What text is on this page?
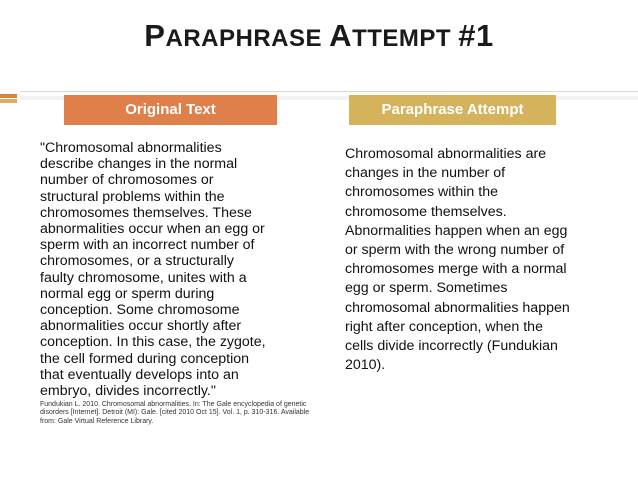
PARAPHRASE ATTEMPT #1
Original Text	Paraphrase Attempt
"Chromosomal abnormalities
describe changes in the normal
number of chromosomes or
structural problems within the
chromosomes themselves. These
abnormalities occur when an egg or
sperm with an incorrect number of
chromosomes, or a structurally
faulty chromosome, unites with a
normal egg or sperm during
conception. Some chromosome
abnormalities occur shortly after
conception. In this case, the zygote,
the cell formed during conception
that eventually develops into an
embryo, divides incorrectly."
Fundukian L. 2010. Chromosomal abnormalities. In: The Gale encyclopedia of genetic
disorders [Internet]. Detroit (MI): Gale. [cited 2010 Oct 15]. Vol. 1, p. 310-316. Available
from: Gale Virtual Reference Library.
Chromosomal abnormalities are
changes in the number of
chromosomes within the
chromosome themselves.
Abnormalities happen when an egg
or sperm with the wrong number of
chromosomes merge with a normal
egg or sperm. Sometimes
chromosomal abnormalities happen
right after conception, when the
cells divide incorrectly (Fundukian
2010).
